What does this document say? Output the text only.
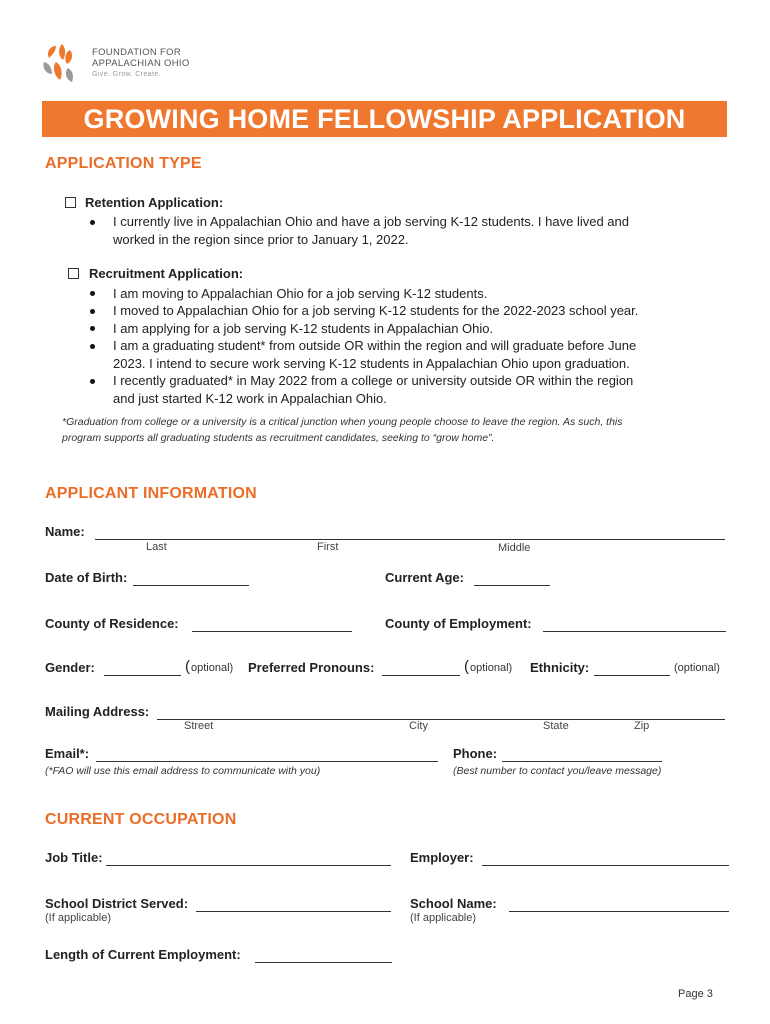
FOUNDATION FOR
APPALACHIAN OHIO
Give. Grow. Create.
GROWING HOME FELLOWSHIP APPLICATION
APPLICATION TYPE
Retention Application:
I currently live in Appalachian Ohio and have a job serving K-12 students. I have lived and
worked in the region since prior to January 1, 2022.
Recruitment Application:
I am moving to Appalachian Ohio for a job serving K-12 students.
I moved to Appalachian Ohio for a job serving K-12 students for the 2022-2023 school year.
I am applying for a job serving K-12 students in Appalachian Ohio.
I am a graduating student* from outside OR within the region and will graduate before June
2023. I intend to secure work serving K-12 students in Appalachian Ohio upon graduation.
I recently graduated* in May 2022 from a college or university outside OR within the region
and just started K-12 work in Appalachian Ohio.
*Graduation from college or a university is a critical junction when young people choose to leave the region. As such, this
program supports all graduating students as recruitment candidates, seeking to “grow home”.
APPLICANT INFORMATION
Name:
Last	First	Middle
Date of Birth:	Current Age:
County of Residence:	County of Employment:
Gender:	( optional) Preferred Pronouns:	( optional) Ethnicity:	(optional)
Mailing Address:
Street	City	State	Zip
Email*:
(*FAO will use this email address to communicate with you)
Phone:
(Best number to contact you/leave message)
CURRENT OCCUPATION
Job Title:	Employer:
School District Served:
(If applicable)
School Name:
(If applicable)
Length of Current Employment:
Page 3
